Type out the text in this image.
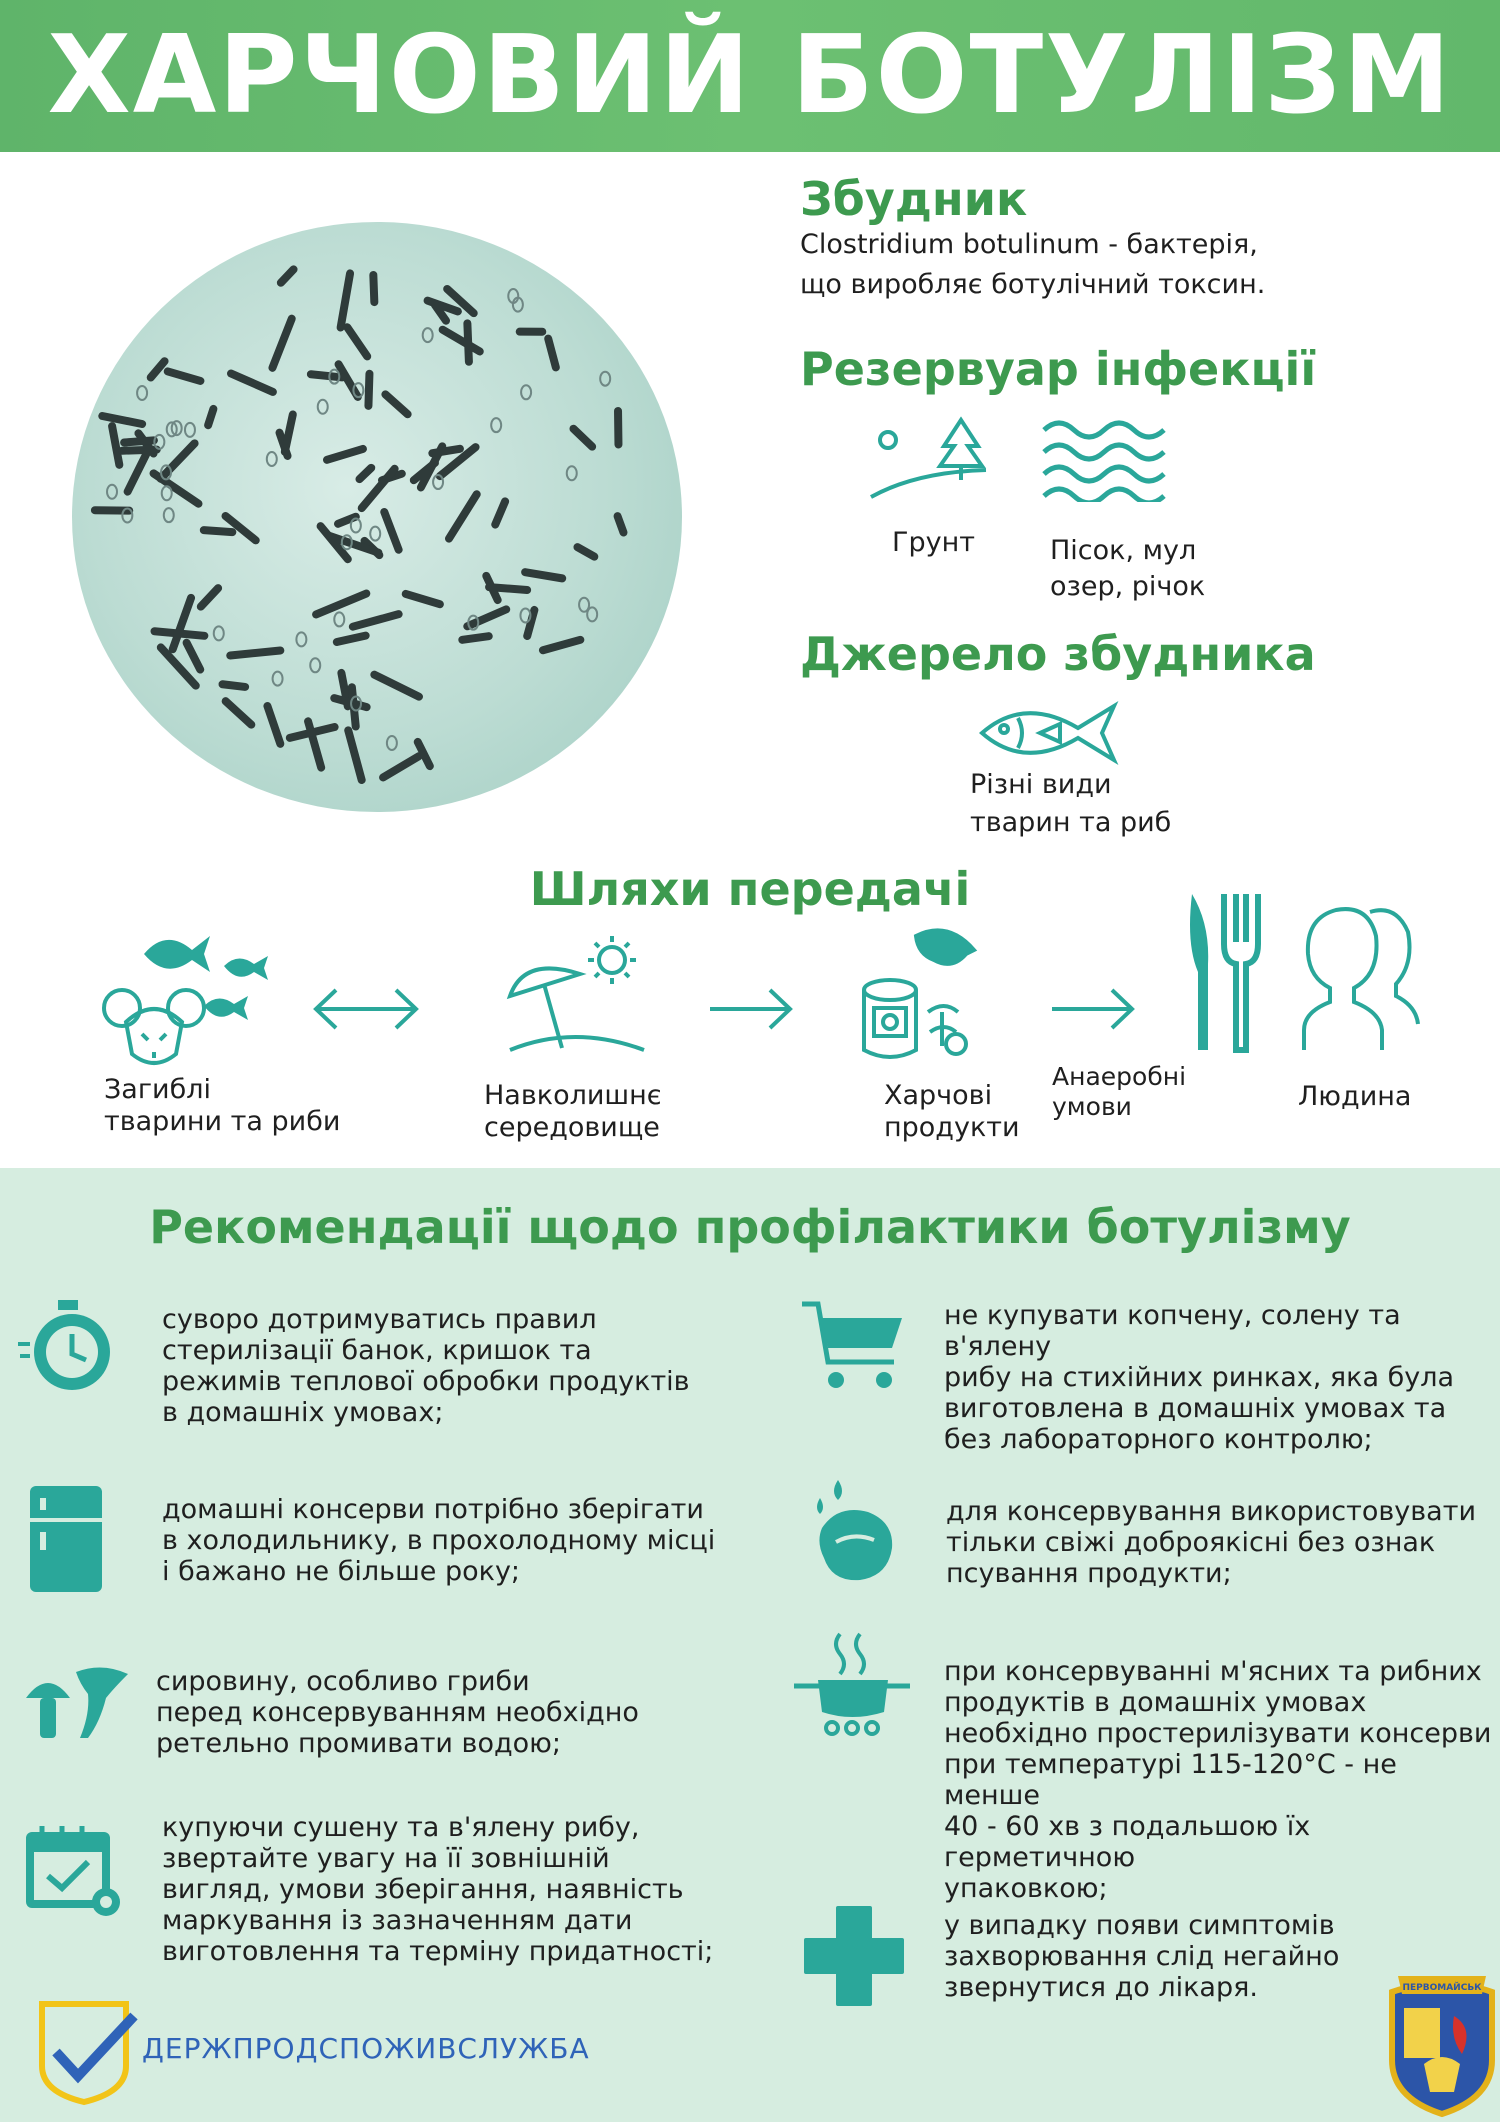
ХАРЧОВИЙ БОТУЛІЗМ
Збудник
Clostridium botulinum - бактерія,
що виробляє ботулічний токсин.
Резервуар інфекції
Грунт	Пісок, мул
озер, річок
Джерело збудника
Різні види
тварин та риб
Шляхи передачі
Загиблі
тварини та риби
Навколишнє
середовище
Харчові
продукти
Анаеробні
умови	Людина
Рекомендації щодо профілактики ботулізму
суворо дотримуватись правил
стерилізації банок, кришок та
режимів теплової обробки продуктів
в домашніх умовах;
домашні консерви потрібно зберігати
в холодильнику, в прохолодному місці
і бажано не більше року;
сировину, особливо гриби
перед консервуванням необхідно
ретельно промивати водою;
купуючи сушену та в'ялену рибу,
звертайте увагу на її зовнішній
вигляд, умови зберігання, наявність
маркування із зазначенням дати
виготовлення та терміну придатності;
не купувати копчену, солену та в'ялену
рибу на стихійних ринках, яка була
виготовлена в домашніх умовах та
без лабораторного контролю;
для консервування використовувати
тільки свіжі доброякісні без ознак
псування продукти;
при консервуванні м'ясних та рибних
продуктів в домашніх умовах
необхідно простерилізувати консерви
при температурі 115-120°С - не менше
40 - 60 хв з подальшою їх герметичною
упаковкою;
у випадку появи симптомів
захворювання слід негайно
звернутися до лікаря.
ДЕРЖПРОДСПОЖИВСЛУЖБА
ПЕРВОМАЙСЬК
